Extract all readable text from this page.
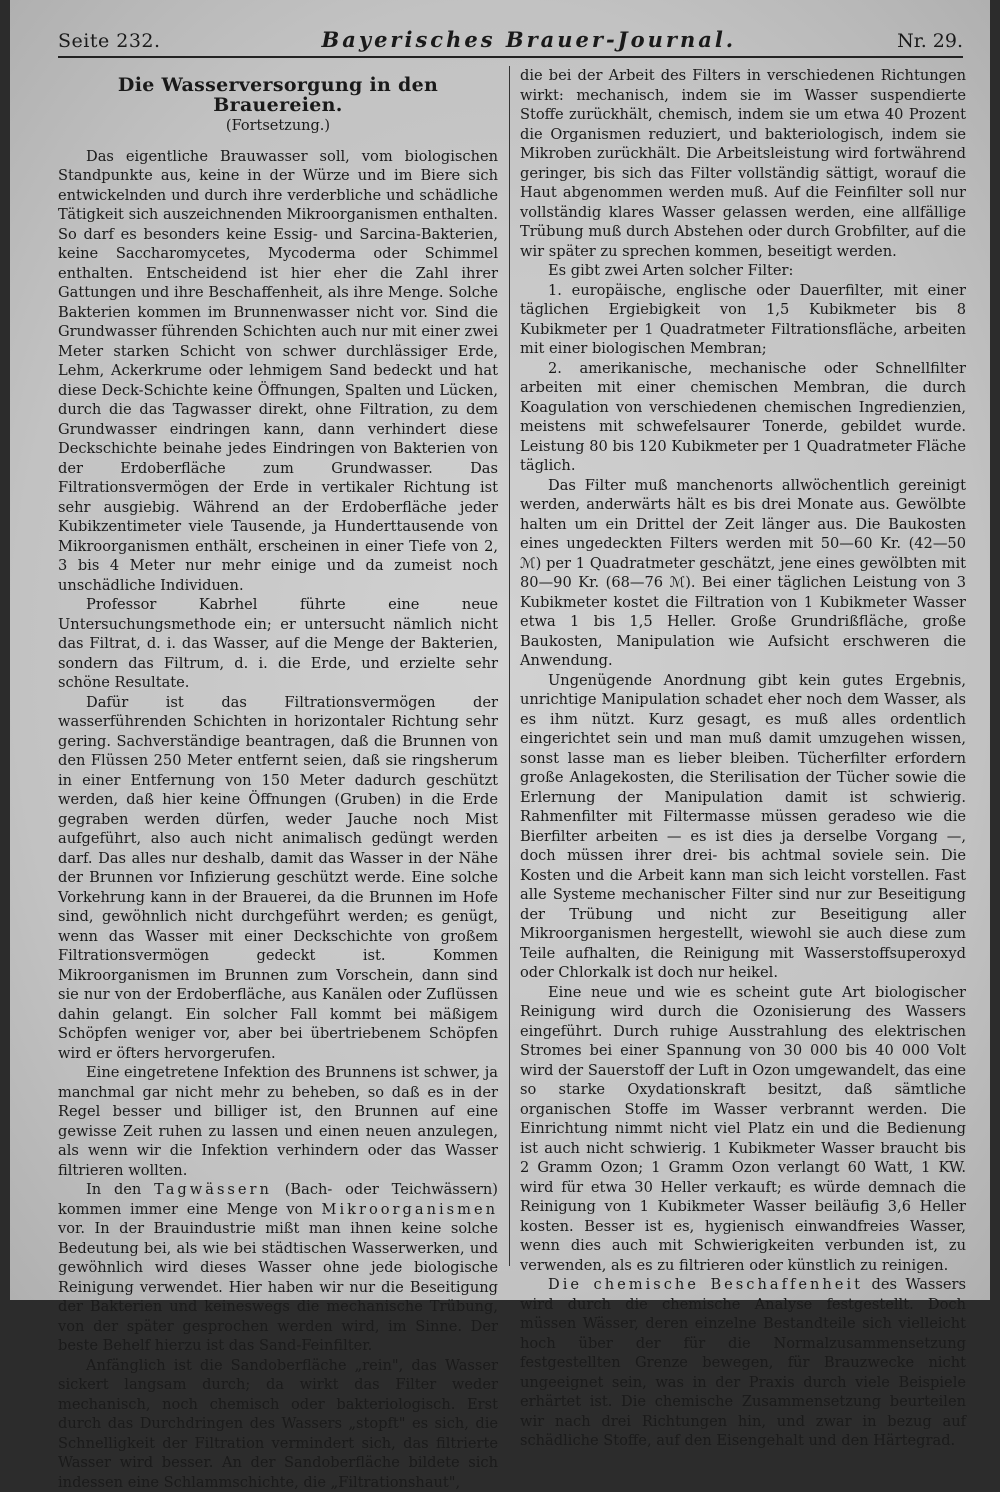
Seite 232.	Bayerisches Brauer-Journal.	Nr. 29.
Die Wasserversorgung in den Brauereien.
(Fortsetzung.)

Das eigentliche Brauwasser soll, vom biologischen Standpunkte aus, keine in der Würze und im Biere sich entwickelnden und durch ihre verderbliche und schädliche Tätigkeit sich auszeichnenden Mikroorganismen enthalten. So darf es besonders keine Essig- und Sarcina-Bakterien, keine Saccharomycetes, Mycoderma oder Schimmel enthalten. Entscheidend ist hier eher die Zahl ihrer Gattungen und ihre Beschaffenheit, als ihre Menge. Solche Bakterien kommen im Brunnenwasser nicht vor. Sind die Grundwasser führenden Schichten auch nur mit einer zwei Meter starken Schicht von schwer durchlässiger Erde, Lehm, Ackerkrume oder lehmigem Sand bedeckt und hat diese Deck-Schichte keine Öffnungen, Spalten und Lücken, durch die das Tagwasser direkt, ohne Filtration, zu dem Grundwasser eindringen kann, dann verhindert diese Deckschichte beinahe jedes Eindringen von Bakterien von der Erdoberfläche zum Grundwasser. Das Filtrationsvermögen der Erde in vertikaler Richtung ist sehr ausgiebig. Während an der Erdoberfläche jeder Kubikzentimeter viele Tausende, ja Hunderttausende von Mikroorganismen enthält, erscheinen in einer Tiefe von 2, 3 bis 4 Meter nur mehr einige und da zumeist noch unschädliche Individuen.

Professor Kabrhel führte eine neue Untersuchungsmethode ein; er untersucht nämlich nicht das Filtrat, d. i. das Wasser, auf die Menge der Bakterien, sondern das Filtrum, d. i. die Erde, und erzielte sehr schöne Resultate.

Dafür ist das Filtrationsvermögen der wasserführenden Schichten in horizontaler Richtung sehr gering. Sachverständige beantragen, daß die Brunnen von den Flüssen 250 Meter entfernt seien, daß sie ringsherum in einer Entfernung von 150 Meter dadurch geschützt werden, daß hier keine Öffnungen (Gruben) in die Erde gegraben werden dürfen, weder Jauche noch Mist aufgeführt, also auch nicht animalisch gedüngt werden darf. Das alles nur deshalb, damit das Wasser in der Nähe der Brunnen vor Infizierung geschützt werde. Eine solche Vorkehrung kann in der Brauerei, da die Brunnen im Hofe sind, gewöhnlich nicht durchgeführt werden; es genügt, wenn das Wasser mit einer Deckschichte von großem Filtrationsvermögen gedeckt ist. Kommen Mikroorganismen im Brunnen zum Vorschein, dann sind sie nur von der Erdoberfläche, aus Kanälen oder Zuflüssen dahin gelangt. Ein solcher Fall kommt bei mäßigem Schöpfen weniger vor, aber bei übertriebenem Schöpfen wird er öfters hervorgerufen.

Eine eingetretene Infektion des Brunnens ist schwer, ja manchmal gar nicht mehr zu beheben, so daß es in der Regel besser und billiger ist, den Brunnen auf eine gewisse Zeit ruhen zu lassen und einen neuen anzulegen, als wenn wir die Infektion verhindern oder das Wasser filtrieren wollten.

In den Tagwässern (Bach- oder Teichwässern) kommen immer eine Menge von Mikroorganismen vor. In der Brauindustrie mißt man ihnen keine solche Bedeutung bei, als wie bei städtischen Wasserwerken, und gewöhnlich wird dieses Wasser ohne jede biologische Reinigung verwendet. Hier haben wir nur die Beseitigung der Bakterien und keineswegs die mechanische Trübung, von der später gesprochen werden wird, im Sinne. Der beste Behelf hierzu ist das Sand-Feinfilter.

Anfänglich ist die Sandoberfläche „rein", das Wasser sickert langsam durch; da wirkt das Filter weder mechanisch, noch chemisch oder bakteriologisch. Erst durch das Durchdringen des Wassers „stopft" es sich, die Schnelligkeit der Filtration vermindert sich, das filtrierte Wasser wird besser. An der Sandoberfläche bildete sich indessen eine Schlammschichte, die „Filtrationshaut",

die bei der Arbeit des Filters in verschiedenen Richtungen wirkt: mechanisch, indem sie im Wasser suspendierte Stoffe zurückhält, chemisch, indem sie um etwa 40 Prozent die Organismen reduziert, und bakteriologisch, indem sie Mikroben zurückhält. Die Arbeitsleistung wird fortwährend geringer, bis sich das Filter vollständig sättigt, worauf die Haut abgenommen werden muß. Auf die Feinfilter soll nur vollständig klares Wasser gelassen werden, eine allfällige Trübung muß durch Abstehen oder durch Grobfilter, auf die wir später zu sprechen kommen, beseitigt werden.

Es gibt zwei Arten solcher Filter:

1. europäische, englische oder Dauerfilter, mit einer täglichen Ergiebigkeit von 1,5 Kubikmeter bis 8 Kubikmeter per 1 Quadratmeter Filtrationsfläche, arbeiten mit einer biologischen Membran;

2. amerikanische, mechanische oder Schnellfilter arbeiten mit einer chemischen Membran, die durch Koagulation von verschiedenen chemischen Ingredienzien, meistens mit schwefelsaurer Tonerde, gebildet wurde. Leistung 80 bis 120 Kubikmeter per 1 Quadratmeter Fläche täglich.

Das Filter muß manchenorts allwöchentlich gereinigt werden, anderwärts hält es bis drei Monate aus. Gewölbte halten um ein Drittel der Zeit länger aus. Die Baukosten eines ungedeckten Filters werden mit 50—60 Kr. (42—50 ℳ) per 1 Quadratmeter geschätzt, jene eines gewölbten mit 80—90 Kr. (68—76 ℳ). Bei einer täglichen Leistung von 3 Kubikmeter kostet die Filtration von 1 Kubikmeter Wasser etwa 1 bis 1,5 Heller. Große Grundrißfläche, große Baukosten, Manipulation wie Aufsicht erschweren die Anwendung.

Ungenügende Anordnung gibt kein gutes Ergebnis, unrichtige Manipulation schadet eher noch dem Wasser, als es ihm nützt. Kurz gesagt, es muß alles ordentlich eingerichtet sein und man muß damit umzugehen wissen, sonst lasse man es lieber bleiben. Tücherfilter erfordern große Anlagekosten, die Sterilisation der Tücher sowie die Erlernung der Manipulation damit ist schwierig. Rahmenfilter mit Filtermasse müssen geradeso wie die Bierfilter arbeiten — es ist dies ja derselbe Vorgang —, doch müssen ihrer drei- bis achtmal soviele sein. Die Kosten und die Arbeit kann man sich leicht vorstellen. Fast alle Systeme mechanischer Filter sind nur zur Beseitigung der Trübung und nicht zur Beseitigung aller Mikroorganismen hergestellt, wiewohl sie auch diese zum Teile aufhalten, die Reinigung mit Wasserstoffsuperoxyd oder Chlorkalk ist doch nur heikel.

Eine neue und wie es scheint gute Art biologischer Reinigung wird durch die Ozonisierung des Wassers eingeführt. Durch ruhige Ausstrahlung des elektrischen Stromes bei einer Spannung von 30 000 bis 40 000 Volt wird der Sauerstoff der Luft in Ozon umgewandelt, das eine so starke Oxydationskraft besitzt, daß sämtliche organischen Stoffe im Wasser verbrannt werden. Die Einrichtung nimmt nicht viel Platz ein und die Bedienung ist auch nicht schwierig. 1 Kubikmeter Wasser braucht bis 2 Gramm Ozon; 1 Gramm Ozon verlangt 60 Watt, 1 KW. wird für etwa 30 Heller verkauft; es würde demnach die Reinigung von 1 Kubikmeter Wasser beiläufig 3,6 Heller kosten. Besser ist es, hygienisch einwandfreies Wasser, wenn dies auch mit Schwierigkeiten verbunden ist, zu verwenden, als es zu filtrieren oder künstlich zu reinigen.

Die chemische Beschaffenheit des Wassers wird durch die chemische Analyse festgestellt. Doch müssen Wässer, deren einzelne Bestandteile sich vielleicht hoch über der für die Normalzusammensetzung festgestellten Grenze bewegen, für Brauzwecke nicht ungeeignet sein, was in der Praxis durch viele Beispiele erhärtet ist. Die chemische Zusammensetzung beurteilen wir nach drei Richtungen hin, und zwar in bezug auf schädliche Stoffe, auf den Eisengehalt und den Härtegrad.
